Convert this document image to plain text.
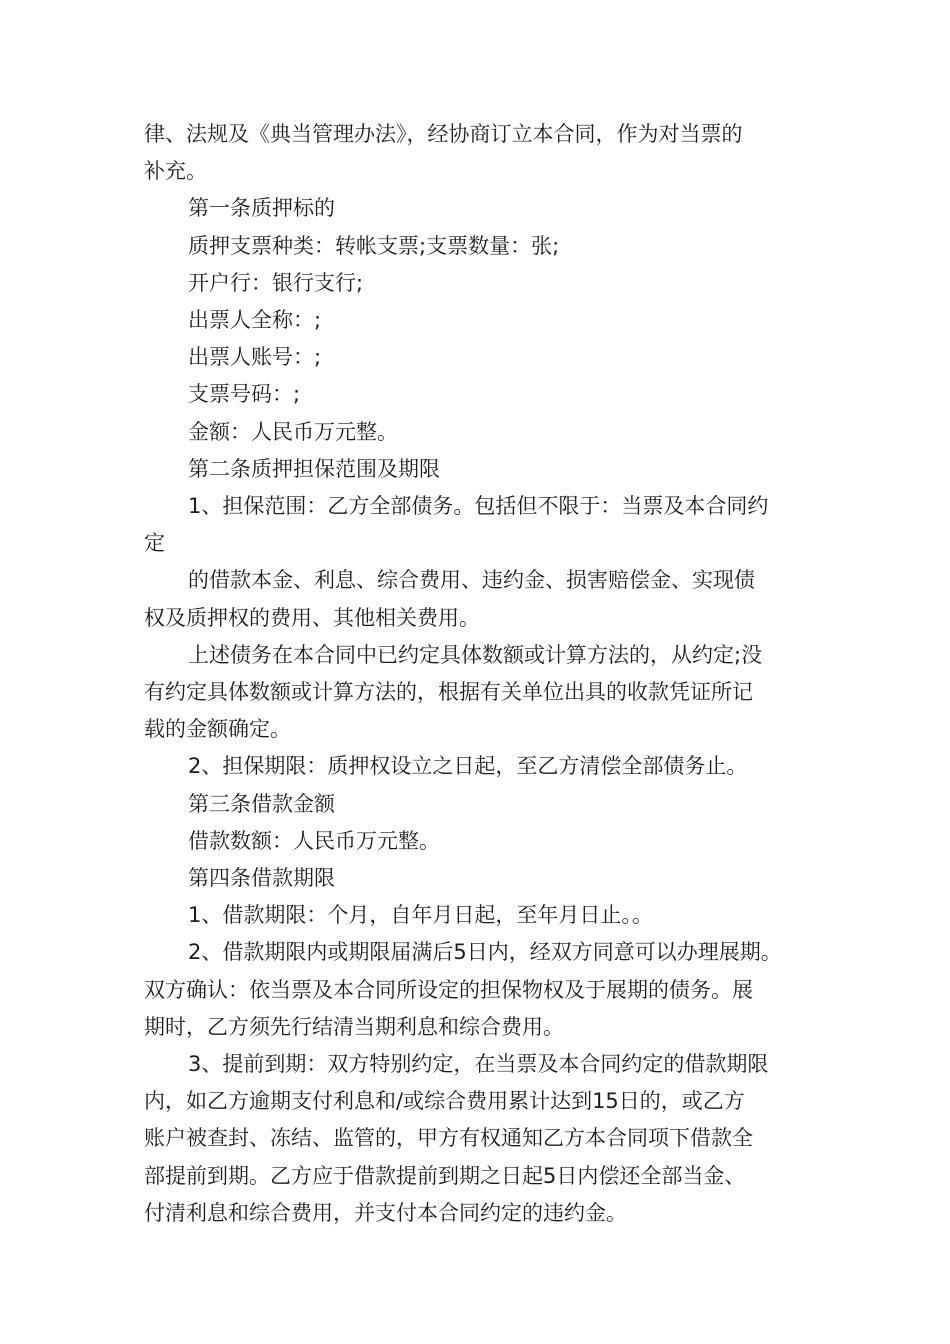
律、法规及《典当管理办法》，经协商订立本合同，作为对当票的

补充。

第一条质押标的

质押支票种类：转帐支票;支票数量：张;

开户行：银行支行;

出票人全称：;

出票人账号：;

支票号码：;

金额：人民币万元整。

第二条质押担保范围及期限

1、担保范围：乙方全部债务。包括但不限于：当票及本合同约

定

的借款本金、利息、综合费用、违约金、损害赔偿金、实现债

权及质押权的费用、其他相关费用。

上述债务在本合同中已约定具体数额或计算方法的，从约定;没

有约定具体数额或计算方法的，根据有关单位出具的收款凭证所记

载的金额确定。

2、担保期限：质押权设立之日起，至乙方清偿全部债务止。

第三条借款金额

借款数额：人民币万元整。

第四条借款期限

1、借款期限：个月，自年月日起，至年月日止。。

2、借款期限内或期限届满后5日内，经双方同意可以办理展期。

双方确认：依当票及本合同所设定的担保物权及于展期的债务。展

期时，乙方须先行结清当期利息和综合费用。

3、提前到期：双方特别约定，在当票及本合同约定的借款期限

内，如乙方逾期支付利息和/或综合费用累计达到15日的，或乙方

账户被查封、冻结、监管的，甲方有权通知乙方本合同项下借款全

部提前到期。乙方应于借款提前到期之日起5日内偿还全部当金、

付清利息和综合费用，并支付本合同约定的违约金。
